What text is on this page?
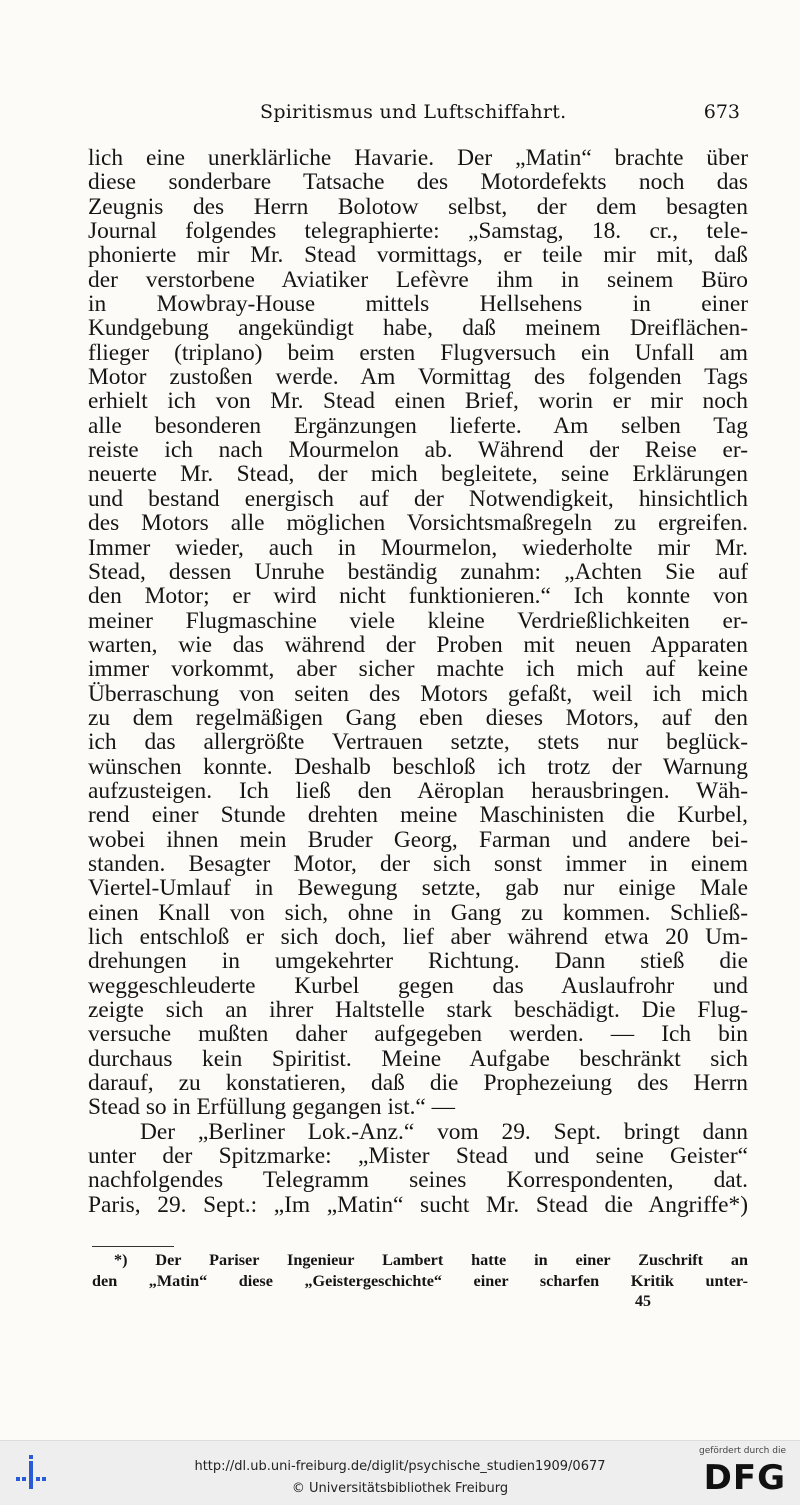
Spiritismus und Luftschiffahrt.	673
lich eine unerklärliche Havarie. Der „Matin“ brachte über
diese sonderbare Tatsache des Motordefekts noch das
Zeugnis des Herrn Bolotow selbst, der dem besagten
Journal folgendes telegraphierte: „Samstag, 18. cr., tele-
phonierte mir Mr. Stead vormittags, er teile mir mit, daß
der verstorbene Aviatiker Lefèvre ihm in seinem Büro
in Mowbray-House mittels Hellsehens in einer
Kundgebung angekündigt habe, daß meinem Dreiflächen-
flieger (triplano) beim ersten Flugversuch ein Unfall am
Motor zustoßen werde. Am Vormittag des folgenden Tags
erhielt ich von Mr. Stead einen Brief, worin er mir noch
alle besonderen Ergänzungen lieferte. Am selben Tag
reiste ich nach Mourmelon ab. Während der Reise er-
neuerte Mr. Stead, der mich begleitete, seine Erklärungen
und bestand energisch auf der Notwendigkeit, hinsichtlich
des Motors alle möglichen Vorsichtsmaßregeln zu ergreifen.
Immer wieder, auch in Mourmelon, wiederholte mir Mr.
Stead, dessen Unruhe beständig zunahm: „Achten Sie auf
den Motor; er wird nicht funktionieren.“ Ich konnte von
meiner Flugmaschine viele kleine Verdrießlichkeiten er-
warten, wie das während der Proben mit neuen Apparaten
immer vorkommt, aber sicher machte ich mich auf keine
Überraschung von seiten des Motors gefaßt, weil ich mich
zu dem regelmäßigen Gang eben dieses Motors, auf den
ich das allergrößte Vertrauen setzte, stets nur beglück-
wünschen konnte. Deshalb beschloß ich trotz der Warnung
aufzusteigen. Ich ließ den Aëroplan herausbringen. Wäh-
rend einer Stunde drehten meine Maschinisten die Kurbel,
wobei ihnen mein Bruder Georg, Farman und andere bei-
standen. Besagter Motor, der sich sonst immer in einem
Viertel-Umlauf in Bewegung setzte, gab nur einige Male
einen Knall von sich, ohne in Gang zu kommen. Schließ-
lich entschloß er sich doch, lief aber während etwa 20 Um-
drehungen in umgekehrter Richtung. Dann stieß die
weggeschleuderte Kurbel gegen das Auslaufrohr und
zeigte sich an ihrer Haltstelle stark beschädigt. Die Flug-
versuche mußten daher aufgegeben werden. — Ich bin
durchaus kein Spiritist. Meine Aufgabe beschränkt sich
darauf, zu konstatieren, daß die Prophezeiung des Herrn
Stead so in Erfüllung gegangen ist.“ —
Der „Berliner Lok.-Anz.“ vom 29. Sept. bringt dann
unter der Spitzmarke: „Mister Stead und seine Geister“
nachfolgendes Telegramm seines Korrespondenten, dat.
Paris, 29. Sept.: „Im „Matin“ sucht Mr. Stead die Angriffe*)
*) Der Pariser Ingenieur Lambert hatte in einer Zuschrift an
den „Matin“ diese „Geistergeschichte“ einer scharfen Kritik unter-
45
http://dl.ub.uni-freiburg.de/diglit/psychische_studien1909/0677
© Universitätsbibliothek Freiburg
gefördert durch die
DFG
